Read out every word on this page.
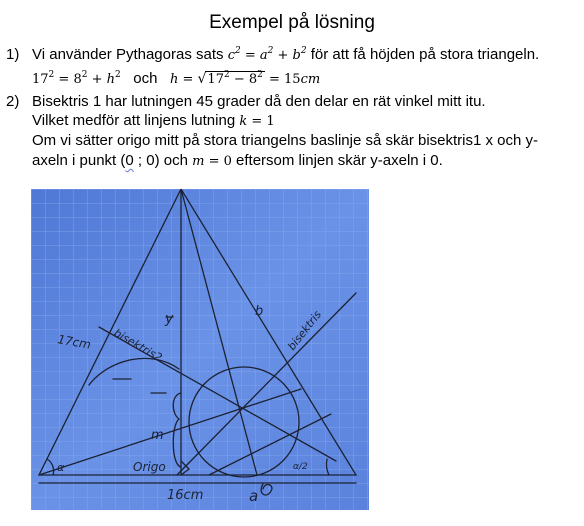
Exempel på lösning
1) Vi använder Pythagoras sats $c^2 = a^2 + b^2$ för att få höjden på stora triangeln.
$17^2 = 8^2 + h^2$ och $h = √17^2 - 8^2 = 15cm$
2) Bisektris 1 har lutningen 45 grader då den delar en rät vinkel mitt itu.
Vilket medför att linjens lutning k = 1
Om vi sätter origo mitt på stora triangelns baslinje så skär bisektris1 x och y-
axeln i punkt (0 ; 0) och m = 0 eftersom linjen skär y-axeln i 0.
17cm bisektris2	bisektris
y	b
m
Origo
16cm	a
α	α/2
